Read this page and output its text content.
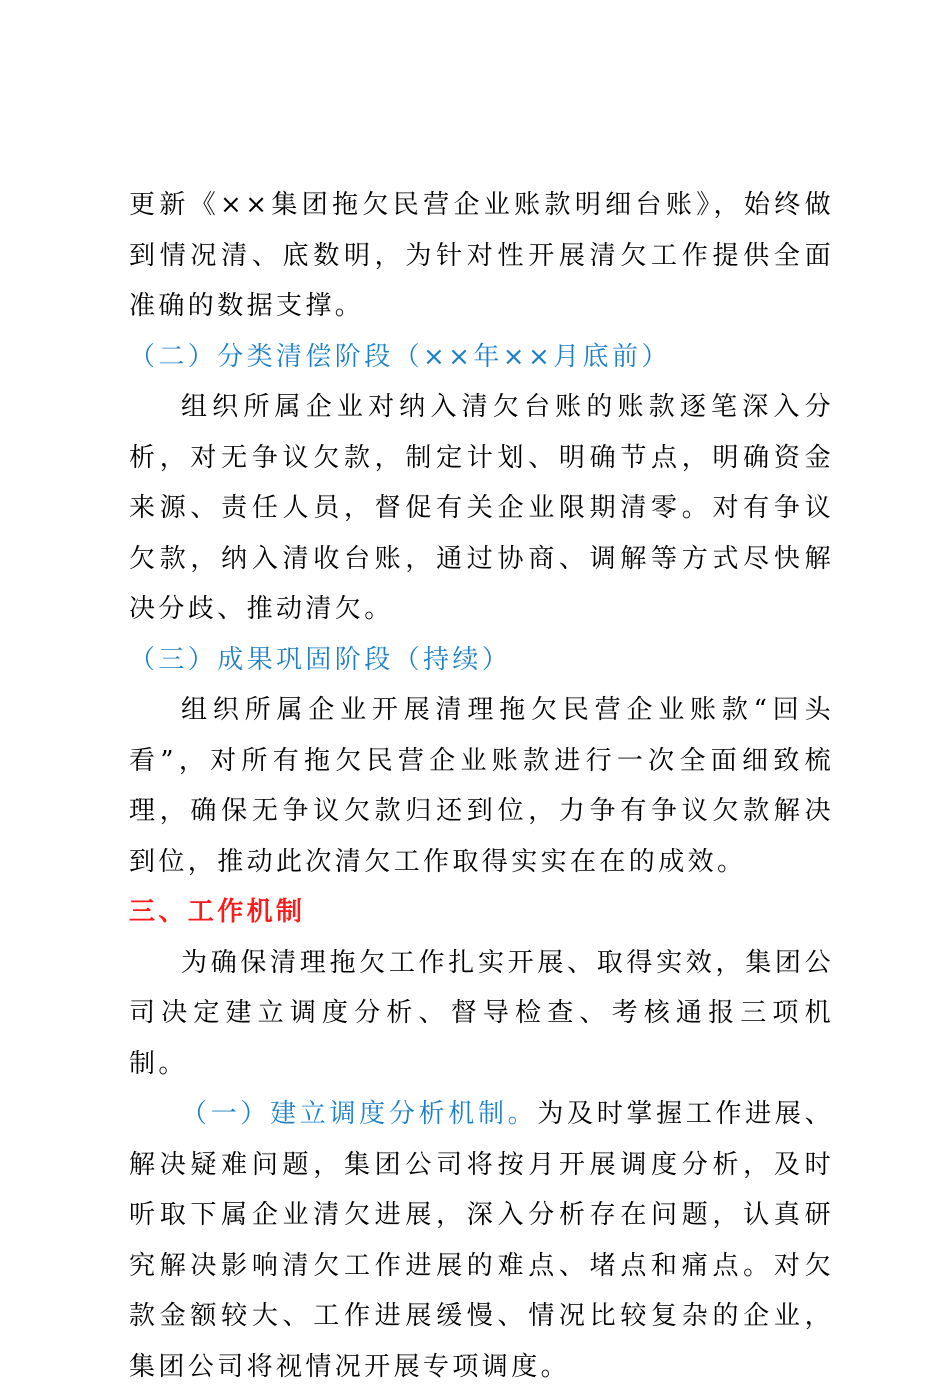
更新《××集团拖欠民营企业账款明细台账》，始终做到情况清、底数明，为针对性开展清欠工作提供全面准确的数据支撑。

（二）分类清偿阶段（××年××月底前）

组织所属企业对纳入清欠台账的账款逐笔深入分析，对无争议欠款，制定计划、明确节点，明确资金来源、责任人员，督促有关企业限期清零。对有争议欠款，纳入清收台账，通过协商、调解等方式尽快解决分歧、推动清欠。

（三）成果巩固阶段（持续）

组织所属企业开展清理拖欠民营企业账款“回头看”，对所有拖欠民营企业账款进行一次全面细致梳理，确保无争议欠款归还到位，力争有争议欠款解决到位，推动此次清欠工作取得实实在在的成效。

三、工作机制

为确保清理拖欠工作扎实开展、取得实效，集团公司决定建立调度分析、督导检查、考核通报三项机制。

（一）建立调度分析机制。为及时掌握工作进展、解决疑难问题，集团公司将按月开展调度分析，及时听取下属企业清欠进展，深入分析存在问题，认真研究解决影响清欠工作进展的难点、堵点和痛点。对欠款金额较大、工作进展缓慢、情况比较复杂的企业，集团公司将视情况开展专项调度。
